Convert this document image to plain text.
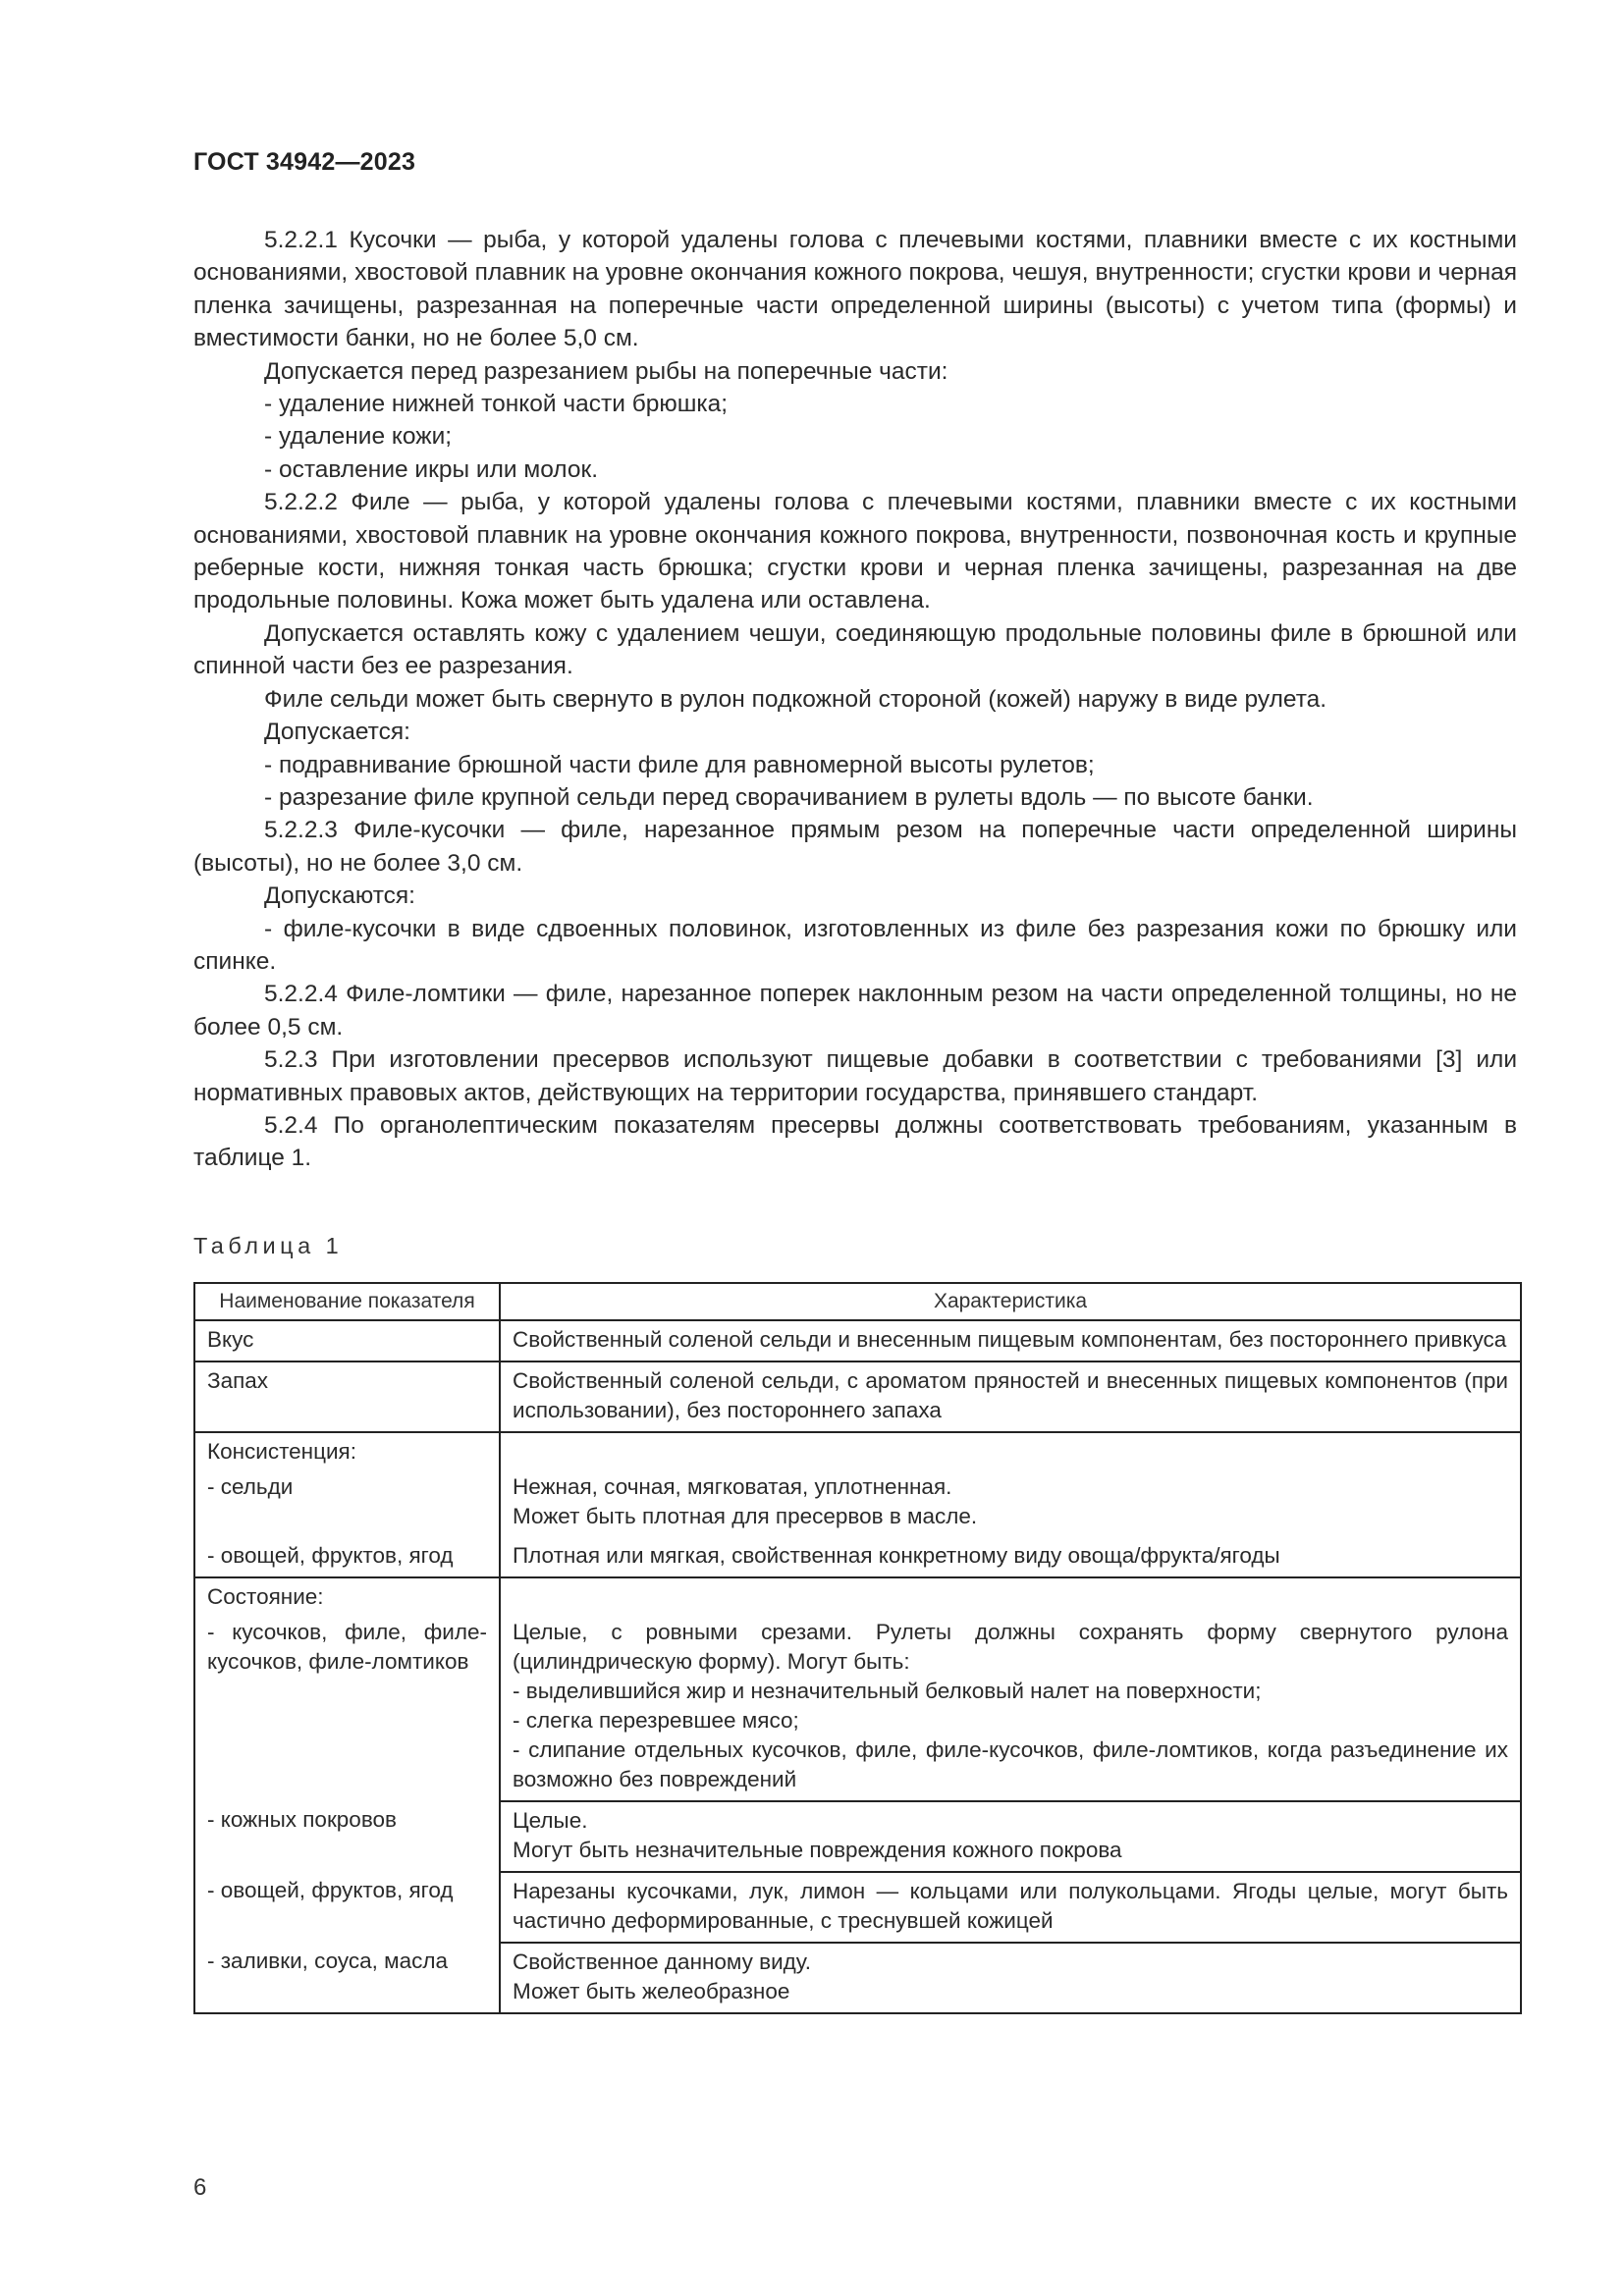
ГОСТ 34942—2023

5.2.2.1 Кусочки — рыба, у которой удалены голова с плечевыми костями, плавники вместе с их костными основаниями, хвостовой плавник на уровне окончания кожного покрова, чешуя, внутренности; сгустки крови и черная пленка зачищены, разрезанная на поперечные части определенной ширины (высоты) с учетом типа (формы) и вместимости банки, но не более 5,0 см.

Допускается перед разрезанием рыбы на поперечные части:

- удаление нижней тонкой части брюшка;

- удаление кожи;

- оставление икры или молок.

5.2.2.2 Филе — рыба, у которой удалены голова с плечевыми костями, плавники вместе с их костными основаниями, хвостовой плавник на уровне окончания кожного покрова, внутренности, позвоночная кость и крупные реберные кости, нижняя тонкая часть брюшка; сгустки крови и черная пленка зачищены, разрезанная на две продольные половины. Кожа может быть удалена или оставлена.

Допускается оставлять кожу с удалением чешуи, соединяющую продольные половины филе в брюшной или спинной части без ее разрезания.

Филе сельди может быть свернуто в рулон подкожной стороной (кожей) наружу в виде рулета.

Допускается:

- подравнивание брюшной части филе для равномерной высоты рулетов;

- разрезание филе крупной сельди перед сворачиванием в рулеты вдоль — по высоте банки.

5.2.2.3 Филе-кусочки — филе, нарезанное прямым резом на поперечные части определенной ширины (высоты), но не более 3,0 см.

Допускаются:

- филе-кусочки в виде сдвоенных половинок, изготовленных из филе без разрезания кожи по брюшку или спинке.

5.2.2.4 Филе-ломтики — филе, нарезанное поперек наклонным резом на части определенной толщины, но не более 0,5 см.

5.2.3 При изготовлении пресервов используют пищевые добавки в соответствии с требованиями [3] или нормативных правовых актов, действующих на территории государства, принявшего стандарт.

5.2.4 По органолептическим показателям пресервы должны соответствовать требованиям, указанным в таблице 1.

Таблица 1
Наименование показателя	Характеристика
Вкус	Свойственный соленой сельди и внесенным пищевым компонентам, без постороннего привкуса
Запах	Свойственный соленой сельди, с ароматом пряностей и внесенных пищевых компонентов (при использовании), без постороннего запаха
Консистенция:	
- сельди	Нежная, сочная, мягковатая, уплотненная.
Может быть плотная для пресервов в масле.
- овощей, фруктов, ягод	Плотная или мягкая, свойственная конкретному виду овоща/фрукта/ягоды
Состояние:	
- кусочков, филе, филе-кусочков, филе-ломтиков	Целые, с ровными срезами. Рулеты должны сохранять форму свернутого рулона (цилиндрическую форму). Могут быть:
- выделившийся жир и незначительный белковый налет на поверхности;
- слегка перезревшее мясо;
- слипание отдельных кусочков, филе, филе-кусочков, филе-ломтиков, когда разъединение их возможно без повреждений
- кожных покровов	Целые.
Могут быть незначительные повреждения кожного покрова
- овощей, фруктов, ягод	Нарезаны кусочками, лук, лимон — кольцами или полукольцами. Ягоды целые, могут быть частично деформированные, с треснувшей кожицей
- заливки, соуса, масла	Свойственное данному виду.
Может быть желеобразное
6
